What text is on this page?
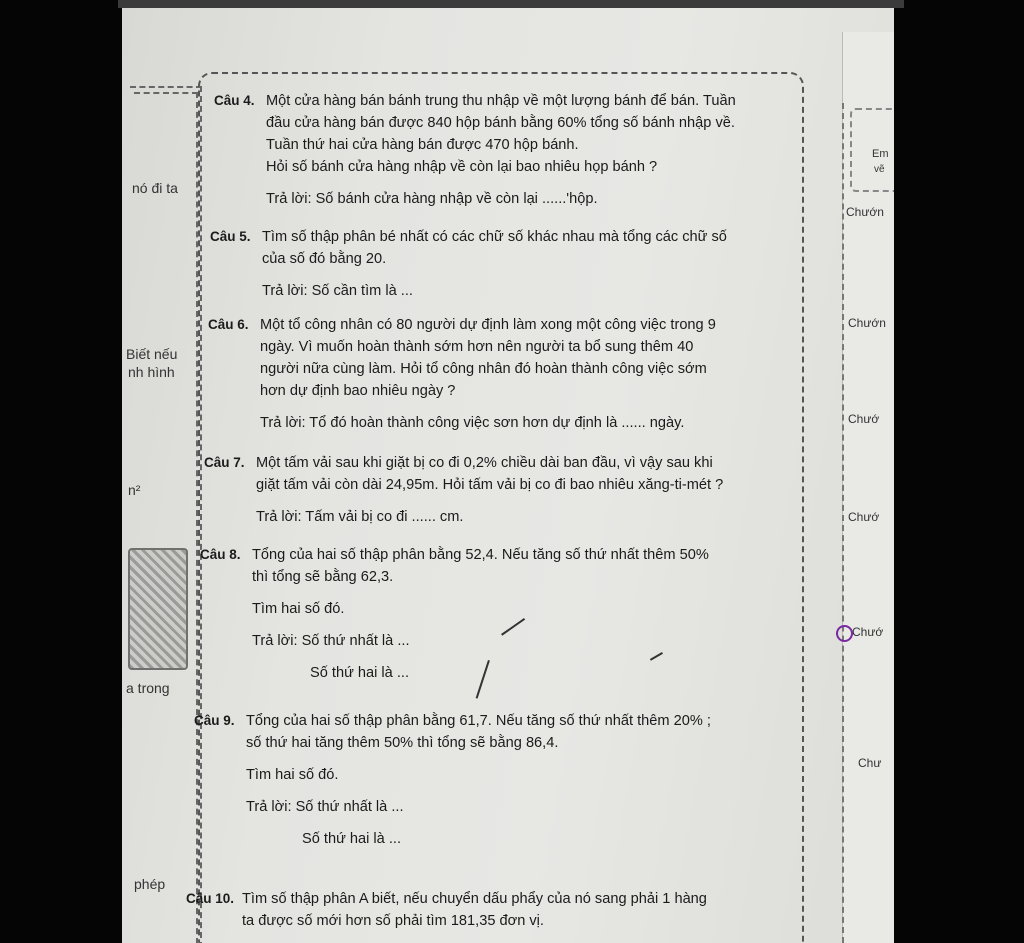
nó đi ta
Biết nếu
nh hình
n²
a trong
phép
Em
vẽ
Chướn
Chướn
Chướ
Chướ
Chướ
Chư
Câu 4. Một cửa hàng bán bánh trung thu nhập về một lượng bánh để bán. Tuần
đầu cửa hàng bán được 840 hộp bánh bằng 60% tổng số bánh nhập về.
Tuần thứ hai cửa hàng bán được 470 hộp bánh.
Hỏi số bánh cửa hàng nhập về còn lại bao nhiêu họp bánh ?
Trả lời: Số bánh cửa hàng nhập về còn lại ......'hộp.
Câu 5. Tìm số thập phân bé nhất có các chữ số khác nhau mà tổng các chữ số
của số đó bằng 20.
Trả lời: Số cần tìm là ...
Câu 6. Một tổ công nhân có 80 người dự định làm xong một công việc trong 9
ngày. Vì muốn hoàn thành sớm hơn nên người ta bổ sung thêm 40
người nữa cùng làm. Hỏi tổ công nhân đó hoàn thành công việc sớm
hơn dự định bao nhiêu ngày ?
Trả lời: Tổ đó hoàn thành công việc sơn hơn dự định là ...... ngày.
Câu 7. Một tấm vải sau khi giặt bị co đi 0,2% chiều dài ban đầu, vì vậy sau khi
giặt tấm vải còn dài 24,95m. Hỏi tấm vải bị co đi bao nhiêu xăng-ti-mét ?
Trả lời: Tấm vải bị co đi ...... cm.
Câu 8. Tổng của hai số thập phân bằng 52,4. Nếu tăng số thứ nhất thêm 50%
thì tổng sẽ bằng 62,3.
Tìm hai số đó.
Trả lời: Số thứ nhất là ...
Số thứ hai là ...
Câu 9. Tổng của hai số thập phân bằng 61,7. Nếu tăng số thứ nhất thêm 20% ;
số thứ hai tăng thêm 50% thì tổng sẽ bằng 86,4.
Tìm hai số đó.
Trả lời: Số thứ nhất là ...
Số thứ hai là ...
Câu 10. Tìm số thập phân A biết, nếu chuyển dấu phẩy của nó sang phải 1 hàng
ta được số mới hơn số phải tìm 181,35 đơn vị.
